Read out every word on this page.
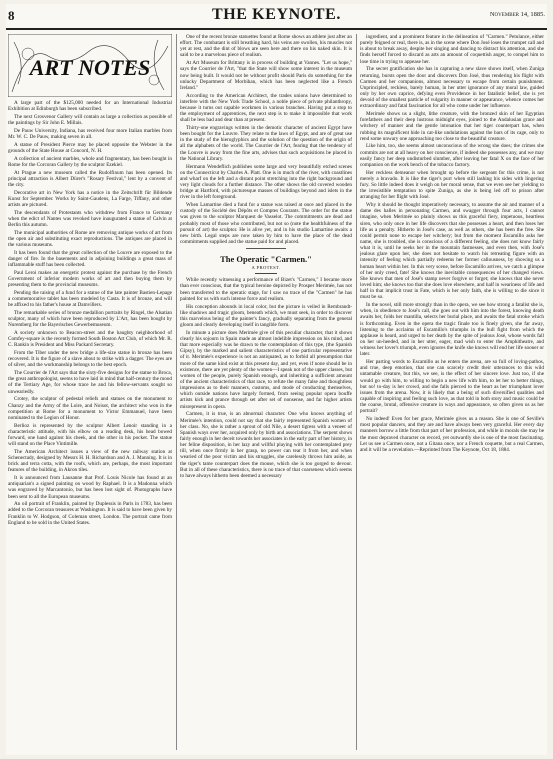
8	THE KEYNOTE.	November 14, 1885.
ART NOTES

A large part of the $125,000 needed for an International Industrial Exhibition at Edinburgh has been subscribed.

The next Grosvenor Gallery will contain as large a collection as possible of the paintings by Sir John E. Millais.

De Pauw University, Indiana, has received four more Italian marbles from Mr. W. C. De Pauw, making seven in all.

A statue of President Pierce may be placed opposite the Webster in the grounds of the State House at Concord, N. H.

A collection of ancient marbles, whole and fragmentary, has been bought in Rome for the Corcoran Gallery by the sculptor Ezekiel.

At Prague a new museum called the Rudolfinum has been opened. Its principal attraction is Albert Dürer's "Rosary Festival," lent by a convent of the city.

Decorative art in New York has a notice in the Zeitschrift für Bildende Kunst for September. Works by Saint-Gaudens, La Farge, Tiffany, and other artists are pictured.

The descendants of Protestants who withdrew from France to Germany when the edict of Nantes was revoked have inaugurated a statue of Calvin at Berlin this autumn.

The municipal authorities of Rome are removing antique works of art from the open air and substituting exact reproductions. The antiques are placed in the various museums.

It has been found that the great collection of the Louvre are exposed to the danger of fire. In the basements and in adjoining buildings a great mass of inflammable stuff has been collected.

Paul Leroi makes an energetic protest against the purchase by the French Government of inferior modern works of art and then buying them by presenting them to the provincial museums.

Pending the raising of a fund for a statue of the late painter Bastien-Lepage a commemorative tablet has been modeled by Casta. It is of bronze, and will be affixed to his father's house at Damvillers.

The remarkable series of bronze medallion portraits by Ringel, the Alsatian sculptor, many of which have been reproduced by L'Art, has been bought by Nuremberg for the Bayerisches Gewerbemuseum.

A society unknown to Beacon-street and the haughty neighborhood of Comfey-square is the recently formed South Boston Art Club, of which Mr. R. C. Rankin is President and Miss Packard Secretary.

From the Tiber under the new bridge a life-size statue in bronze has been recovered. It is the figure of a slave about to strike with a dagger. The eyes are of silver, and the workmanship belongs to the best epoch.

The Courrier de l'Art says that the sixty-five designs for the statue to Broca, the great anthropologist, seems to have laid in mind that half-century the mood of the Tertiary Age, for whose trace he and his fellow-servants sought so unweariedly.

Crotey, the sculptor of pedestal reliefs and statues on the monument to Chanzy and the Army of the Loire, and Noisot, the architect who won in the competition at Rome for a monument to Victor Emmanuel, have been nominated to the Legion of Honor.

Berlioz is represented by the sculptor Albert Lenoir standing in a characteristic attitude, with his elbow on a reading desk, his head bowed forward, one hand against his cheek, and the other in his pocket. The statue will stand on the Place Vintimille.

The American Architect issues a view of the new railway station at Schenectady, designed by Messrs H. H. Richardson and A. J. Manning. It is in brick and terra cotta, with the roofs, which are, perhaps, the most important features of the building, in Akron tiles.

It is announced from Lausanne that Prof. Louis Nicole has found at an antiquarian's a signed painting on wood by Raphael. It is a Madonna which was engraved by Marcantonio, but has been lost sight of. Photographs have been sent to all the European museums.

An oil portrait of Franklin, painted by Duplessis in Paris in 1783, has been added to the Corcoran treasures at Washington. It is said to have been given by Franklin to W. Hodgson, of Coleman street, London. The portrait came from England to be sold in the United States.

One of the recent bronze statuettes found at Rome shows an athlete just after an effort. The combatant is still breathing hard, his veins are swollen, his muscles not yet at rest, and the dint of blows are seen here and there on his naked skin. It is said to be a marvelous piece of realism.

At Art Museum for Brittany is in process of building at Vannes. "Let us hope," says the Courrier de l'Art, "that the State will show some interest in the museum now being built. It would not be without profit should Paris do something for the unlucky Department of Morbihan, which has been neglected like a French Ireland."

According to the American Architect, the trades unions have determined to interfere with the New York Trade School, a noble piece of private philanthropy, because it turns out capable workmen in various branches. Having put a stop to the employment of apprentices, the next step is to make it impossible that work shall be less bad and dear than at present.

Thirty-one engravings written in the demotic character of ancient Egypt have been bought for the Louvre. They relate to the laws of Egypt, and are of great use in the study of the hieroglyphics and the solution of the question of the origin of all the alphabets of the world. The Courrier de l'Art, fearing that the tendency of the Louvre is away from the fine arts, advises that such acquisitions be placed in the National Library.

Hermann Wendeflich publishes some large and very beautifully etched scenes on the Connecticut by Charles A. Platt. One is in much of the river, with coastlines and wharf on the left and a distant point stretching into the right background and very light clouds for a further distance. The other shows the old covered wooden bridge at Hartford, with picturesque masses of buildings beyond and islets in the river in the left foreground.

When Lamartine died a fund for a statue was raised at once and placed in the custody of the Société des Dépôts et Comptes Courants. The order for the statue was given to the sculptor Marquest de Vasselot. The commitments are dead and probably most of those who contributed, but not so (note the healthfulness of the pursuit of art) the sculptor. He is alive yet, and in his studio Lamartine awaits a new birth. Legal steps are now taken by him to have the place of the dead commitments supplied and the statue paid for and placed.

The Operatic "Carmen."
A PROTEST.

While recently witnessing a performance of Bizet's "Carmen," I became more than ever conscious, that the typical heroine depicted by Prosper Merimée, has not been transferred to the operatic stage, for I saw no trace of the "Carmen" he has painted for us with such intense force and realism.

His conception abounds in local color, but the picture is veiled in Rembrandt-like shadows and tragic gloom, beneath which, we must seek, in order to discover this marvelous being of the painter's fancy, gradually separating from the general gloom and clearly developing itself in tangible form.

In minute a picture does Merimée give of this peculiar character, that it shows clearly his sojourn in Spain made an almost indelible impression on his mind, and that more especially was he drawn to the contemplation of this type, (the Spanish Gipsy), by the marked and salient characteristics of one particular representative of it. Merimée's experience is not an antiquated, as to forbid all presumption that more of the same kind exist at this present day, and yet, even if none should be in existence, there are yet plenty of the women—I speak not of the upper classes, but women of the people, purely Spanish enough, and inheriting a sufficient amount of the ancient characteristics of that race, to refute the many false and thoughtless impressions as to their manners, customs, and mode of conducting themselves, which outside nations have largely formed, from seeing popular opera bouffe artists kick and prance through set after set of nonsense, and far higher artists misrepresent in opera.

Carmen, it is true, is an abnormal character. One who knows anything of Merimée's intention, could not say that she fairly represented Spanish women of her class. No, she is rather a sprout of old Nile, a desert tigress with a veneer of Spanish ways over her, acquired only by birth and associations. The serpent shows fairly enough in her deceit towards her associates in the early part of her history, in her feline disposition, in her lazy and willful playing with her contemplated prey till, when once firmly in her grasp, no power can tear it from her, and when wearied of the poor victim and his struggles, she carelessly throws him aside, as the tiger's tame counterpart does the mouse, which she is too gorged to devour. But in all of these characteristics, there is no trace of that coarseness which seems to have always hitherto been deemed a necessary

ingredient, and a prominent feature in the delineation of "Carmen." Petulance, either purely feigned or real, there is, as in the scene where Don José loses the trumpet call and is about to break away, despite her singing and dancing to distract his attention, and she finds herself forced to discard as arts an amount of coquettish anger, to compel him to lose time in trying to appease her.

The secret gratification she has in capturing a new slave shows itself, when Zuniga returning, bursts open the door and discovers Don José, thus rendering his flight with Carmen and her companions, almost necessary to escape from certain punishment. Unprincipled, reckless, barely human, in her utter ignorance of any moral law, guided only by her own caprice, defying even Providence in her fatalistic belief, she is yet devoid of the smallest particle of vulgarity in manner or appearance, whence comes her extraordinary and fatal fascination for all who come under her influence.

Merimée shows us a slight, lithe creature, with the bronzed skin of her Egyptian forefathers and their deep lustrous midnight eyes, joined to the Andalusian grace and witchery of manner and the gentle intonation that her tiger counterpart has, when rubbing its magnificent hide in cat-like undulations against the bars of its cage, only to rend some unwary one approaching too close to the beautiful creature.

Like him, too, she seems almost unconscious of the wrong she does; the crimes she commits are not at all heavy on her conscience, if indeed she possesses any, and we may easily fancy her deep undisturbed slumber, after leaving her fatal X on the face of her companion on the work bench of the tobacco factory.

Her reckless demeanor when brought up before the sergeant for this crime, is not merely a bravado. It is like the tiger's purr when still lashing his sides with lingering fury. So little indeed does it weigh on her moral sense, that we even see her yielding to the irresistible temptation to spite Zuniga, as she is being led off to prison after arranging for her flight with José.

Why it should be thought imperatively necessary, to assume the air and manner of a dame des halles in personating Carmen, and swagger through four acts, I cannot imagine, when Merimée so plainly shows us this graceful fiery, impetuous, heartless siren, who only once in her life discovers that she possesses a heart, and then loses her life as a penalty. Hitherto in José's case, as well as others, she has been the free. She could permit none to escape her witchery; but from the moment Escamillo asks her name, she is troubled, she is conscious of a different feeling, she does not know fairly what it is, until he seeks her in the mountain fastnesses, and even then, with José's jealous glare upon her, she does not hesitate to watch his retreating figure with an intensity of feeling which partially redeems her former callousness, by showing us a human heart within her. In this very scene, before Escamillo arrives, we catch a glimpse of her only creed, fate! She knows the inevitable consequences of her changed views. She knows that men of José's stamp never forgive or forget; she knows that she never loved him; she knows too that she does love elsewhere, and half in weariness of life and half in that implicit trust in Fate, which is her only faith, she is willing to die since it must be so.

In the novel, still more strongly than in the opera, we see how strong a fatalist she is, when, in obedience to José's call, she goes out with him into the forest, knowing death awaits her, folds her mantilla, selects her burial place, and awaits the fatal stroke which is forthcoming. Even in the opera the tragic finale too is finely given, she far away, listening to the acclaims of Escamillo's triumphs in the bull fight from which the applause is heard, and urged to her death by the spite of jealous José, whose words fall on her un-heeded, and in her utter, eager, mad wish to enter the Amphitheatre, and witness her lover's triumph, even ignores the knife she knows will end her life sooner or later.

Her parting words to Escamillo as he enters the arena, are so full of loving-pathos, and true, deep emotion, that one can scarcely credit their utterances to this wild untamable creature, but this, we see, is the effect of her sincere love. Just too, if she would go with him, to willing to begin a new life with him, to let her to better things, but no! to-day is her crowd, and she falls pierced to the heart as her triumphant lover issues from the arena. Now, it is likely that a being of such diversified qualities and capable of inspiring and feeling such love, as that told in both story and music could be the coarse, brutal, offensive creature in ways and appearance, so often given us as her portrait?

No indeed! Even for her grace, Merimée gives us a reason. She is one of Seville's most popular dancers, and they are and have always been very graceful. Her every day manners borrow a little from that part of her profession, and while in morals she may be the most depraved character on record, yet outwardly she is one of the most fascinating. Let us see a Carmen once, not a Gitana once, nor a French coquette, but a real Carmen, and it will be a revelation.—Reprinted from The Keynote, Oct 18, 1884.
